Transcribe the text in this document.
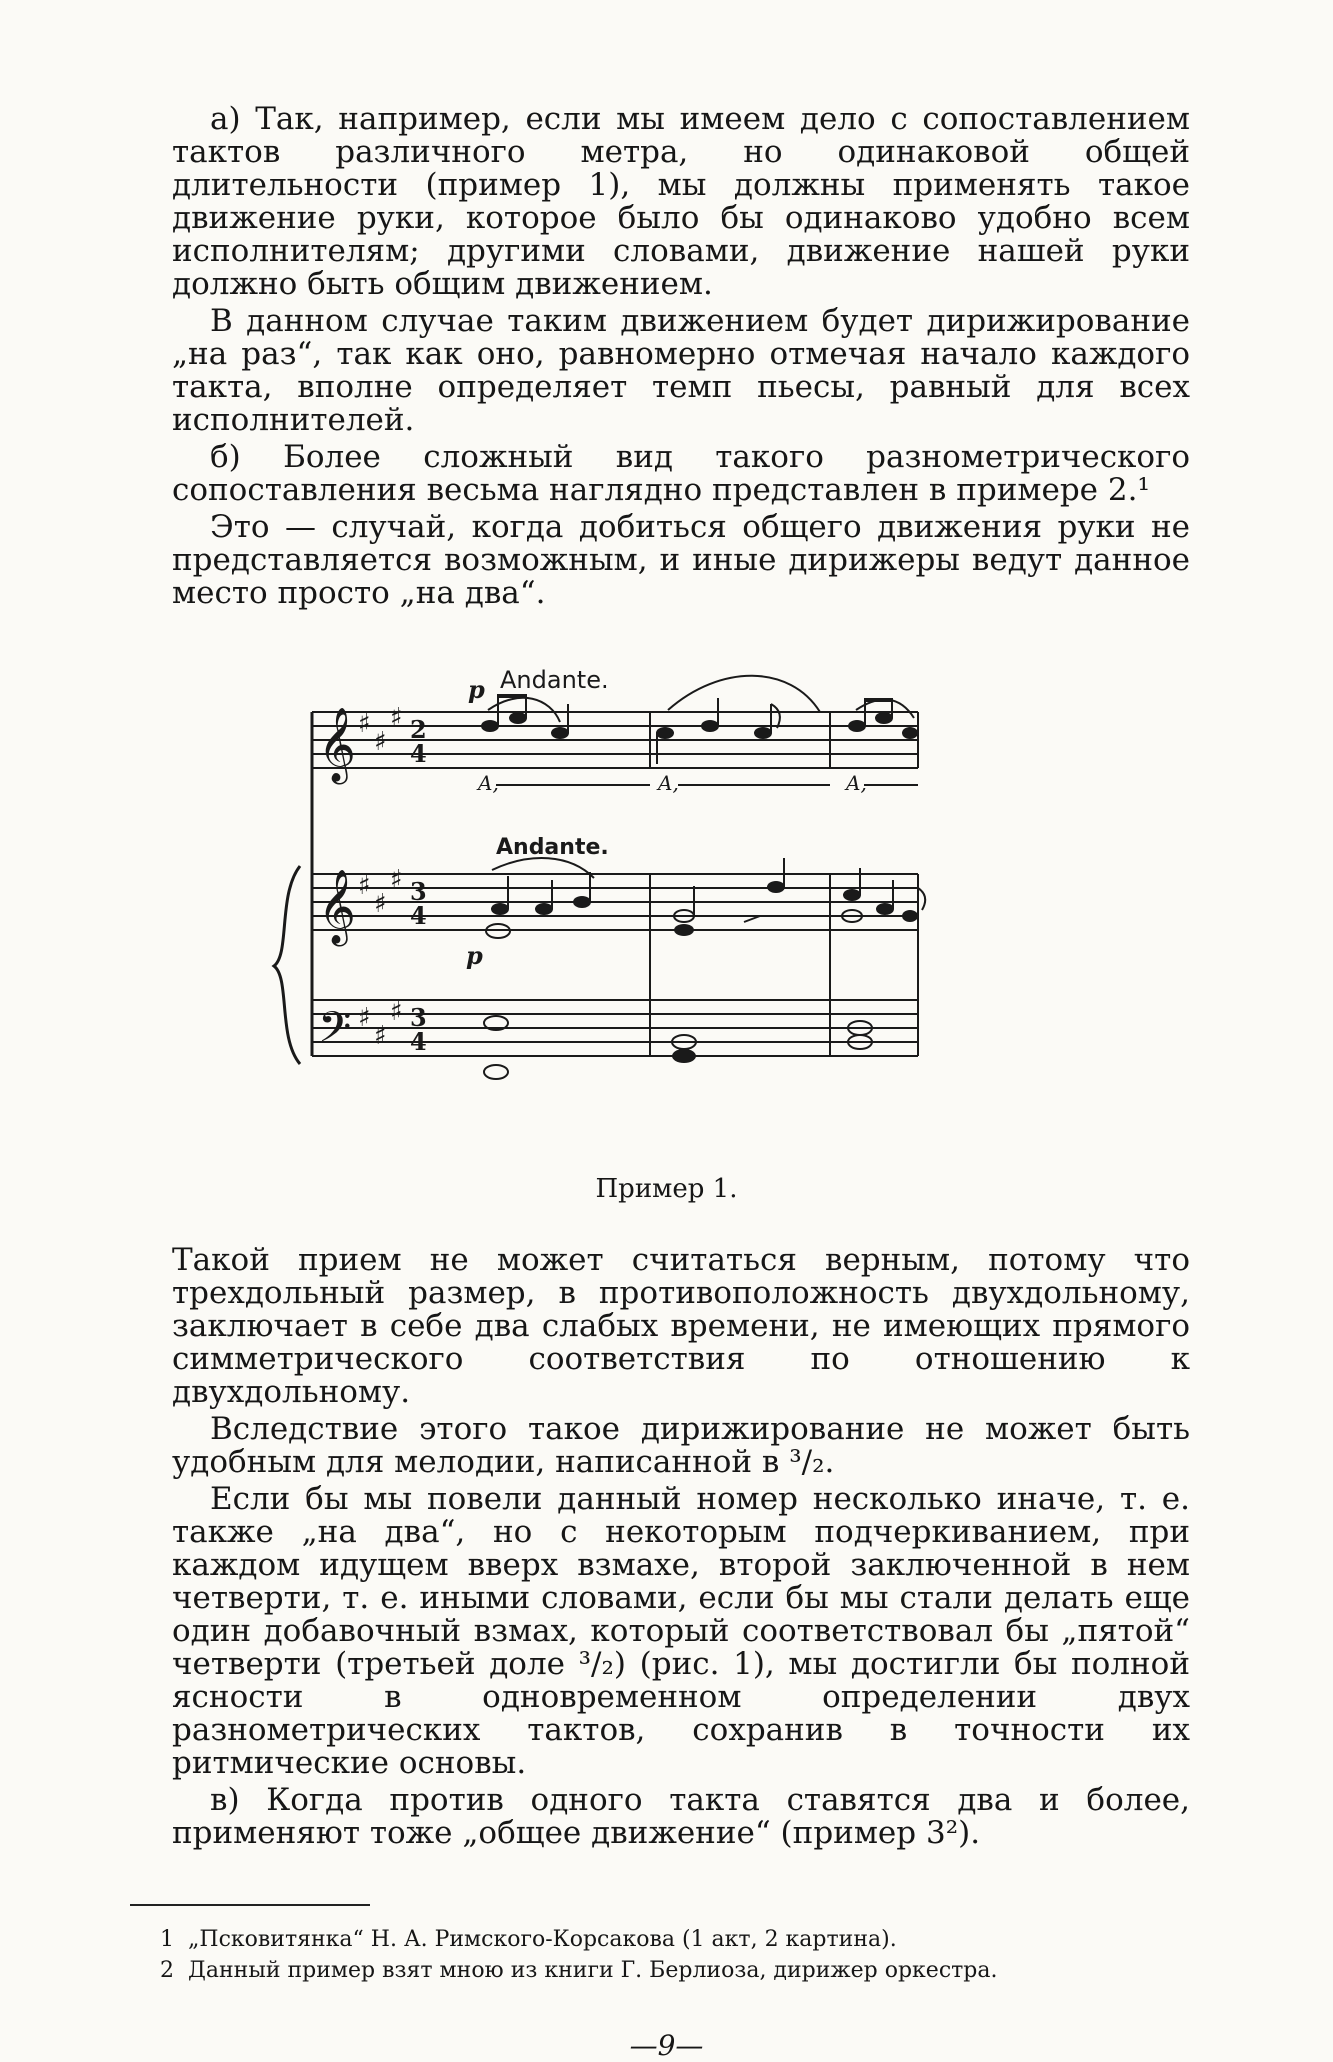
а) Так, например, если мы имеем дело с сопоставлением тактов различного метра, но одинаковой общей длительности (пример 1), мы должны применять такое движение руки, которое было бы одинаково удобно всем исполнителям; другими словами, движение нашей руки должно быть общим движением.

В данном случае таким движением будет дирижирование „на раз“, так как оно, равномерно отмечая начало каждого такта, вполне определяет темп пьесы, равный для всех исполнителей.

б) Более сложный вид такого разнометрического сопоставления весьма наглядно представлен в примере 2.¹

Это — случай, когда добиться общего движения руки не представляется возможным, и иные дирижеры ведут данное место просто „на два“.

𝄞
𝄞
𝄢
♯
♯
♯
♯
♯
♯
♯
♯
♯
2
4
3
4
3
4
Andante.
p
Andante.
p
A,	A,	A,
Пример 1.

Такой прием не может считаться верным, потому что трехдольный размер, в противоположность двухдольному, заключает в себе два слабых времени, не имеющих прямого симметрического соответствия по отношению к двухдольному.

Вследствие этого такое дирижирование не может быть удобным для мелодии, написанной в ³/₂.

Если бы мы повели данный номер несколько иначе, т. е. также „на два“, но с некоторым подчеркиванием, при каждом идущем вверх взмахе, второй заключенной в нем четверти, т. е. иными словами, если бы мы стали делать еще один добавочный взмах, который соответствовал бы „пятой“ четверти (третьей доле ³/₂) (рис. 1), мы достигли бы полной ясности в одновременном определении двух разнометрических тактов, сохранив в точности их ритмические основы.

в) Когда против одного такта ставятся два и более, применяют тоже „общее движение“ (пример 3²).

1 „Псковитянка“ Н. А. Римского-Корсакова (1 акт, 2 картина).
2 Данный пример взят мною из книги Г. Берлиоза, дирижер оркестра.
—9—
